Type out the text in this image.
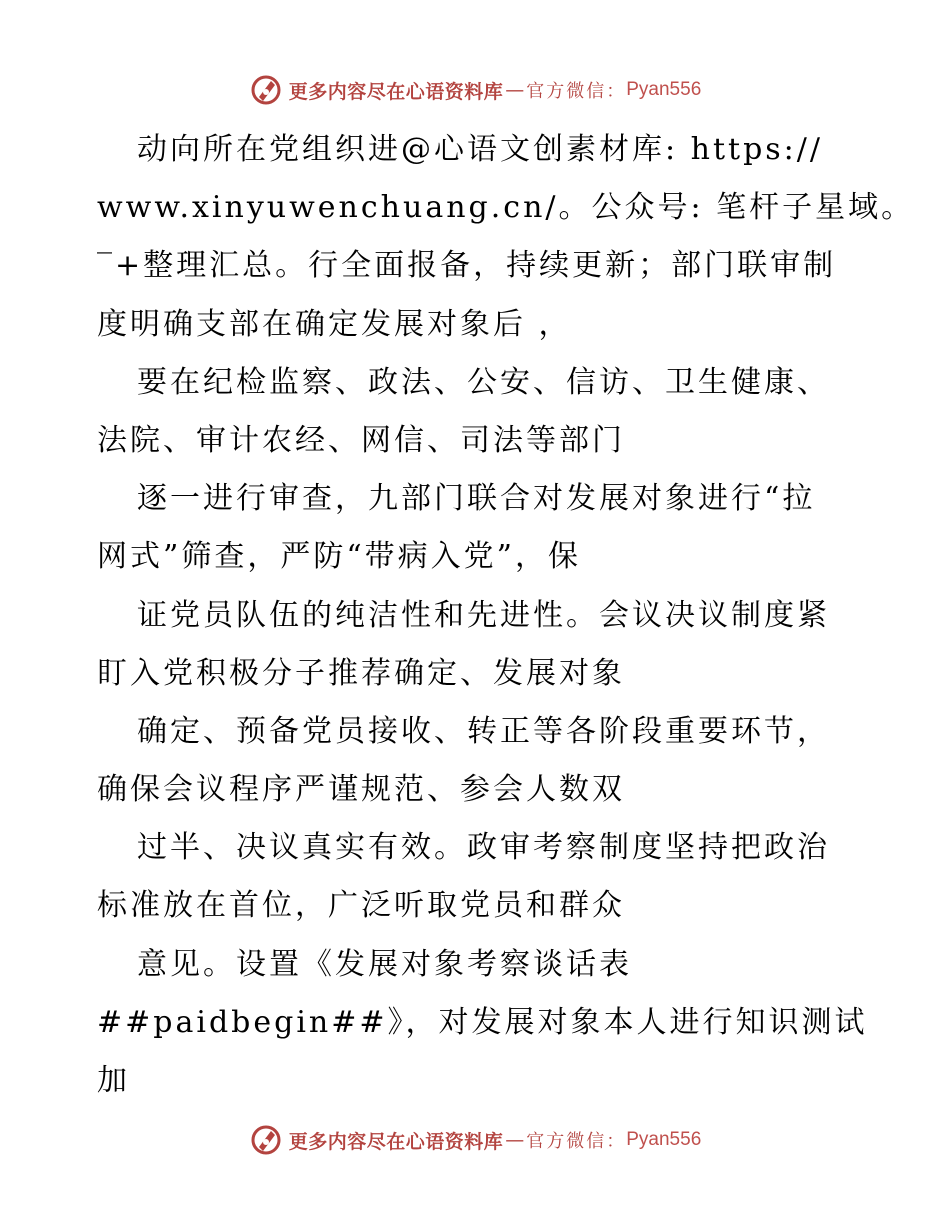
更多内容尽在心语资料库 — 官方微信： Pyan556
动向所在党组织进@心语文创素材库: https://
www.xinyuwenchuang.cn/。公众号: 笔杆子星域。
‾+整理汇总。行全面报备，持续更新；部门联审制
度明确支部在确定发展对象后 ，
要在纪检监察、政法、公安、信访、卫生健康、
法院、审计农经、网信、司法等部门
逐一进行审查，九部门联合对发展对象进行“拉
网式”筛查，严防“带病入党”，保
证党员队伍的纯洁性和先进性。会议决议制度紧
盯入党积极分子推荐确定、发展对象
确定、预备党员接收、转正等各阶段重要环节，
确保会议程序严谨规范、参会人数双
过半、决议真实有效。政审考察制度坚持把政治
标准放在首位，广泛听取党员和群众
意见。设置《发展对象考察谈话表
##paidbegin##》，对发展对象本人进行知识测试
加
更多内容尽在心语资料库 — 官方微信： Pyan556
